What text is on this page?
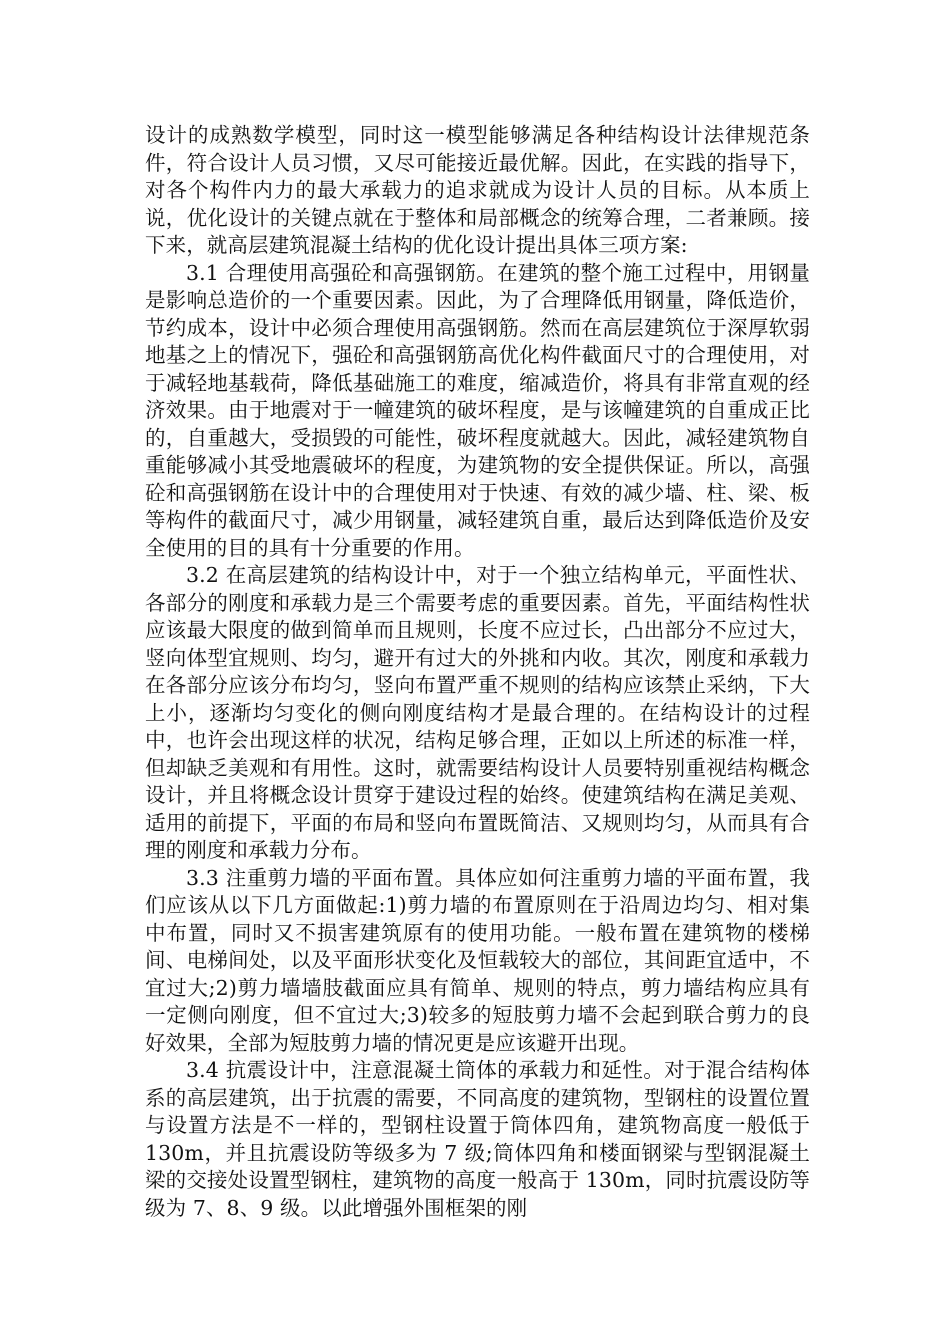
设计的成熟数学模型，同时这一模型能够满足各种结构设计法律规范条件，符合设计人员习惯，又尽可能接近最优解。因此，在实践的指导下，对各个构件内力的最大承载力的追求就成为设计人员的目标。从本质上说，优化设计的关键点就在于整体和局部概念的统筹合理，二者兼顾。接下来，就高层建筑混凝土结构的优化设计提出具体三项方案:

3.1 合理使用高强砼和高强钢筋。在建筑的整个施工过程中，用钢量是影响总造价的一个重要因素。因此，为了合理降低用钢量，降低造价，节约成本，设计中必须合理使用高强钢筋。然而在高层建筑位于深厚软弱地基之上的情况下，强砼和高强钢筋高优化构件截面尺寸的合理使用，对于减轻地基载荷，降低基础施工的难度，缩减造价，将具有非常直观的经济效果。由于地震对于一幢建筑的破坏程度，是与该幢建筑的自重成正比的，自重越大，受损毁的可能性，破坏程度就越大。因此，减轻建筑物自重能够减小其受地震破坏的程度，为建筑物的安全提供保证。所以，高强砼和高强钢筋在设计中的合理使用对于快速、有效的减少墙、柱、梁、板等构件的截面尺寸，减少用钢量，减轻建筑自重，最后达到降低造价及安全使用的目的具有十分重要的作用。

3.2 在高层建筑的结构设计中，对于一个独立结构单元，平面性状、各部分的刚度和承载力是三个需要考虑的重要因素。首先，平面结构性状应该最大限度的做到简单而且规则，长度不应过长，凸出部分不应过大，竖向体型宜规则、均匀，避开有过大的外挑和内收。其次，刚度和承载力在各部分应该分布均匀，竖向布置严重不规则的结构应该禁止采纳，下大上小，逐渐均匀变化的侧向刚度结构才是最合理的。在结构设计的过程中，也许会出现这样的状况，结构足够合理，正如以上所述的标准一样，但却缺乏美观和有用性。这时，就需要结构设计人员要特别重视结构概念设计，并且将概念设计贯穿于建设过程的始终。使建筑结构在满足美观、适用的前提下，平面的布局和竖向布置既简洁、又规则均匀，从而具有合理的刚度和承载力分布。

3.3 注重剪力墙的平面布置。具体应如何注重剪力墙的平面布置，我们应该从以下几方面做起:1)剪力墙的布置原则在于沿周边均匀、相对集中布置，同时又不损害建筑原有的使用功能。一般布置在建筑物的楼梯间、电梯间处，以及平面形状变化及恒载较大的部位，其间距宜适中，不宜过大;2)剪力墙墙肢截面应具有简单、规则的特点，剪力墙结构应具有一定侧向刚度，但不宜过大;3)较多的短肢剪力墙不会起到联合剪力的良好效果，全部为短肢剪力墙的情况更是应该避开出现。

3.4 抗震设计中，注意混凝土筒体的承载力和延性。对于混合结构体系的高层建筑，出于抗震的需要，不同高度的建筑物，型钢柱的设置位置与设置方法是不一样的，型钢柱设置于筒体四角，建筑物高度一般低于 130m，并且抗震设防等级多为 7 级;筒体四角和楼面钢梁与型钢混凝土梁的交接处设置型钢柱，建筑物的高度一般高于 130m，同时抗震设防等级为 7、8、9 级。以此增强外围框架的刚
